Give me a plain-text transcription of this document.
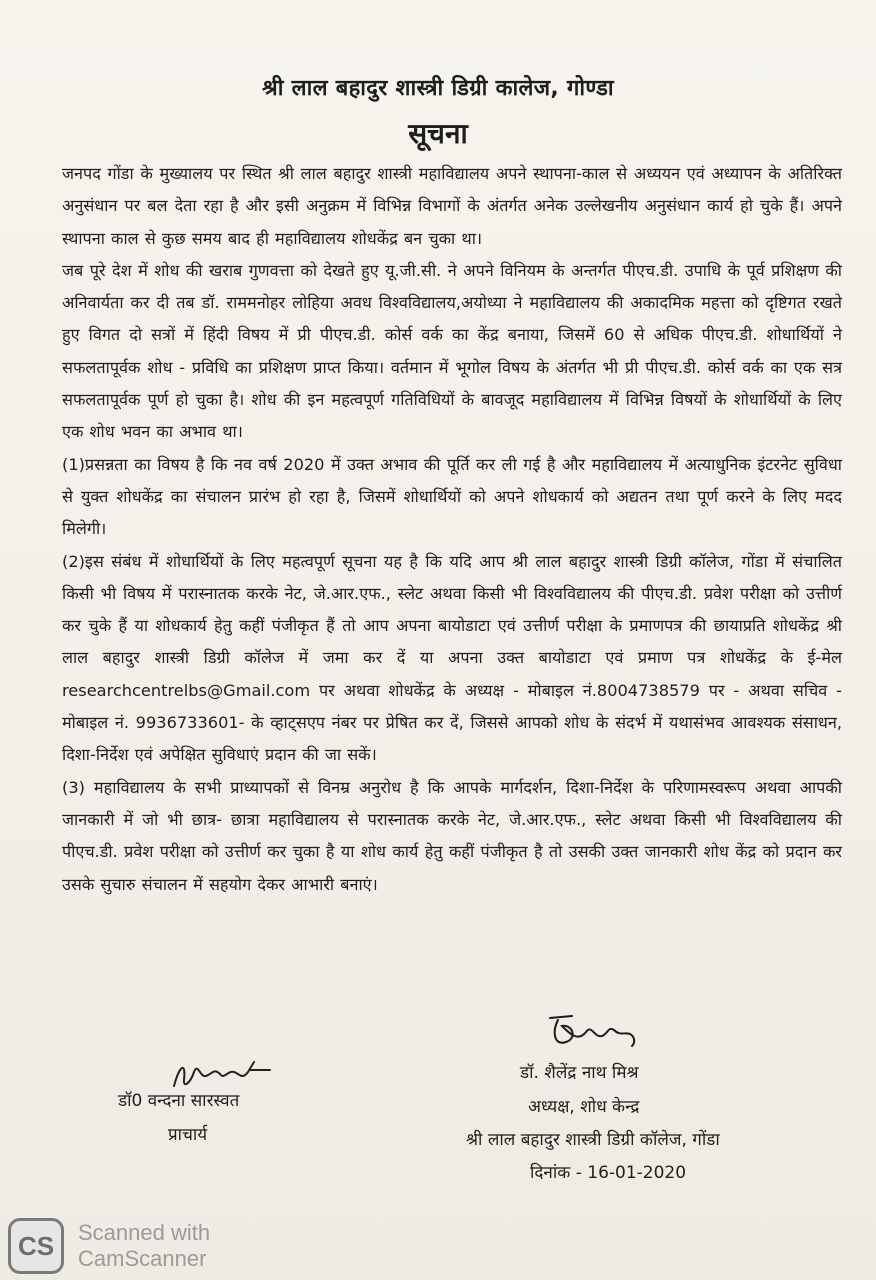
श्री लाल बहादुर शास्त्री डिग्री कालेज, गोण्डा
सूचना

जनपद गोंडा के मुख्यालय पर स्थित श्री लाल बहादुर शास्त्री महाविद्यालय अपने स्थापना-काल से अध्ययन एवं अध्यापन के अतिरिक्त अनुसंधान पर बल देता रहा है और इसी अनुक्रम में विभिन्न विभागों के अंतर्गत अनेक उल्लेखनीय अनुसंधान कार्य हो चुके हैं। अपने स्थापना काल से कुछ समय बाद ही महाविद्यालय शोधकेंद्र बन चुका था।

जब पूरे देश में शोध की खराब गुणवत्ता को देखते हुए यू.जी.सी. ने अपने विनियम के अन्तर्गत पीएच.डी. उपाधि के पूर्व प्रशिक्षण की अनिवार्यता कर दी तब डॉ. राममनोहर लोहिया अवध विश्वविद्यालय,अयोध्या ने महाविद्यालय की अकादमिक महत्ता को दृष्टिगत रखते हुए विगत दो सत्रों में हिंदी विषय में प्री पीएच.डी. कोर्स वर्क का केंद्र बनाया, जिसमें 60 से अधिक पीएच.डी. शोधार्थियों ने सफलतापूर्वक शोध - प्रविधि का प्रशिक्षण प्राप्त किया। वर्तमान में भूगोल विषय के अंतर्गत भी प्री पीएच.डी. कोर्स वर्क का एक सत्र सफलतापूर्वक पूर्ण हो चुका है। शोध की इन महत्वपूर्ण गतिविधियों के बावजूद महाविद्यालय में विभिन्न विषयों के शोधार्थियों के लिए एक शोध भवन का अभाव था।

(1)प्रसन्नता का विषय है कि नव वर्ष 2020 में उक्त अभाव की पूर्ति कर ली गई है और महाविद्यालय में अत्याधुनिक इंटरनेट सुविधा से युक्त शोधकेंद्र का संचालन प्रारंभ हो रहा है, जिसमें शोधार्थियों को अपने शोधकार्य को अद्यतन तथा पूर्ण करने के लिए मदद मिलेगी।

(2)इस संबंध में शोधार्थियों के लिए महत्वपूर्ण सूचना यह है कि यदि आप श्री लाल बहादुर शास्त्री डिग्री कॉलेज, गोंडा में संचालित किसी भी विषय में परास्नातक करके नेट, जे.आर.एफ., स्लेट अथवा किसी भी विश्वविद्यालय की पीएच.डी. प्रवेश परीक्षा को उत्तीर्ण कर चुके हैं या शोधकार्य हेतु कहीं पंजीकृत हैं तो आप अपना बायोडाटा एवं उत्तीर्ण परीक्षा के प्रमाणपत्र की छायाप्रति शोधकेंद्र श्री लाल बहादुर शास्त्री डिग्री कॉलेज में जमा कर दें या अपना उक्त बायोडाटा एवं प्रमाण पत्र शोधकेंद्र के ई-मेल researchcentrelbs@Gmail.com पर अथवा शोधकेंद्र के अध्यक्ष - मोबाइल नं.8004738579 पर - अथवा सचिव - मोबाइल नं. 9936733601- के व्हाट्सएप नंबर पर प्रेषित कर दें, जिससे आपको शोध के संदर्भ में यथासंभव आवश्यक संसाधन, दिशा-निर्देश एवं अपेक्षित सुविधाएं प्रदान की जा सकें।

(3) महाविद्यालय के सभी प्राध्यापकों से विनम्र अनुरोध है कि आपके मार्गदर्शन, दिशा-निर्देश के परिणामस्वरूप अथवा आपकी जानकारी में जो भी छात्र- छात्रा महाविद्यालय से परास्नातक करके नेट, जे.आर.एफ., स्लेट अथवा किसी भी विश्वविद्यालय की पीएच.डी. प्रवेश परीक्षा को उत्तीर्ण कर चुका है या शोध कार्य हेतु कहीं पंजीकृत है तो उसकी उक्त जानकारी शोध केंद्र को प्रदान कर उसके सुचारु संचालन में सहयोग देकर आभारी बनाएं।

डॉ0 वन्दना सारस्वत
प्राचार्य
डॉ. शैलेंद्र नाथ मिश्र
अध्यक्ष, शोध केन्द्र
श्री लाल बहादुर शास्त्री डिग्री कॉलेज, गोंडा
दिनांक - 16-01-2020
CS	Scanned with
CamScanner
